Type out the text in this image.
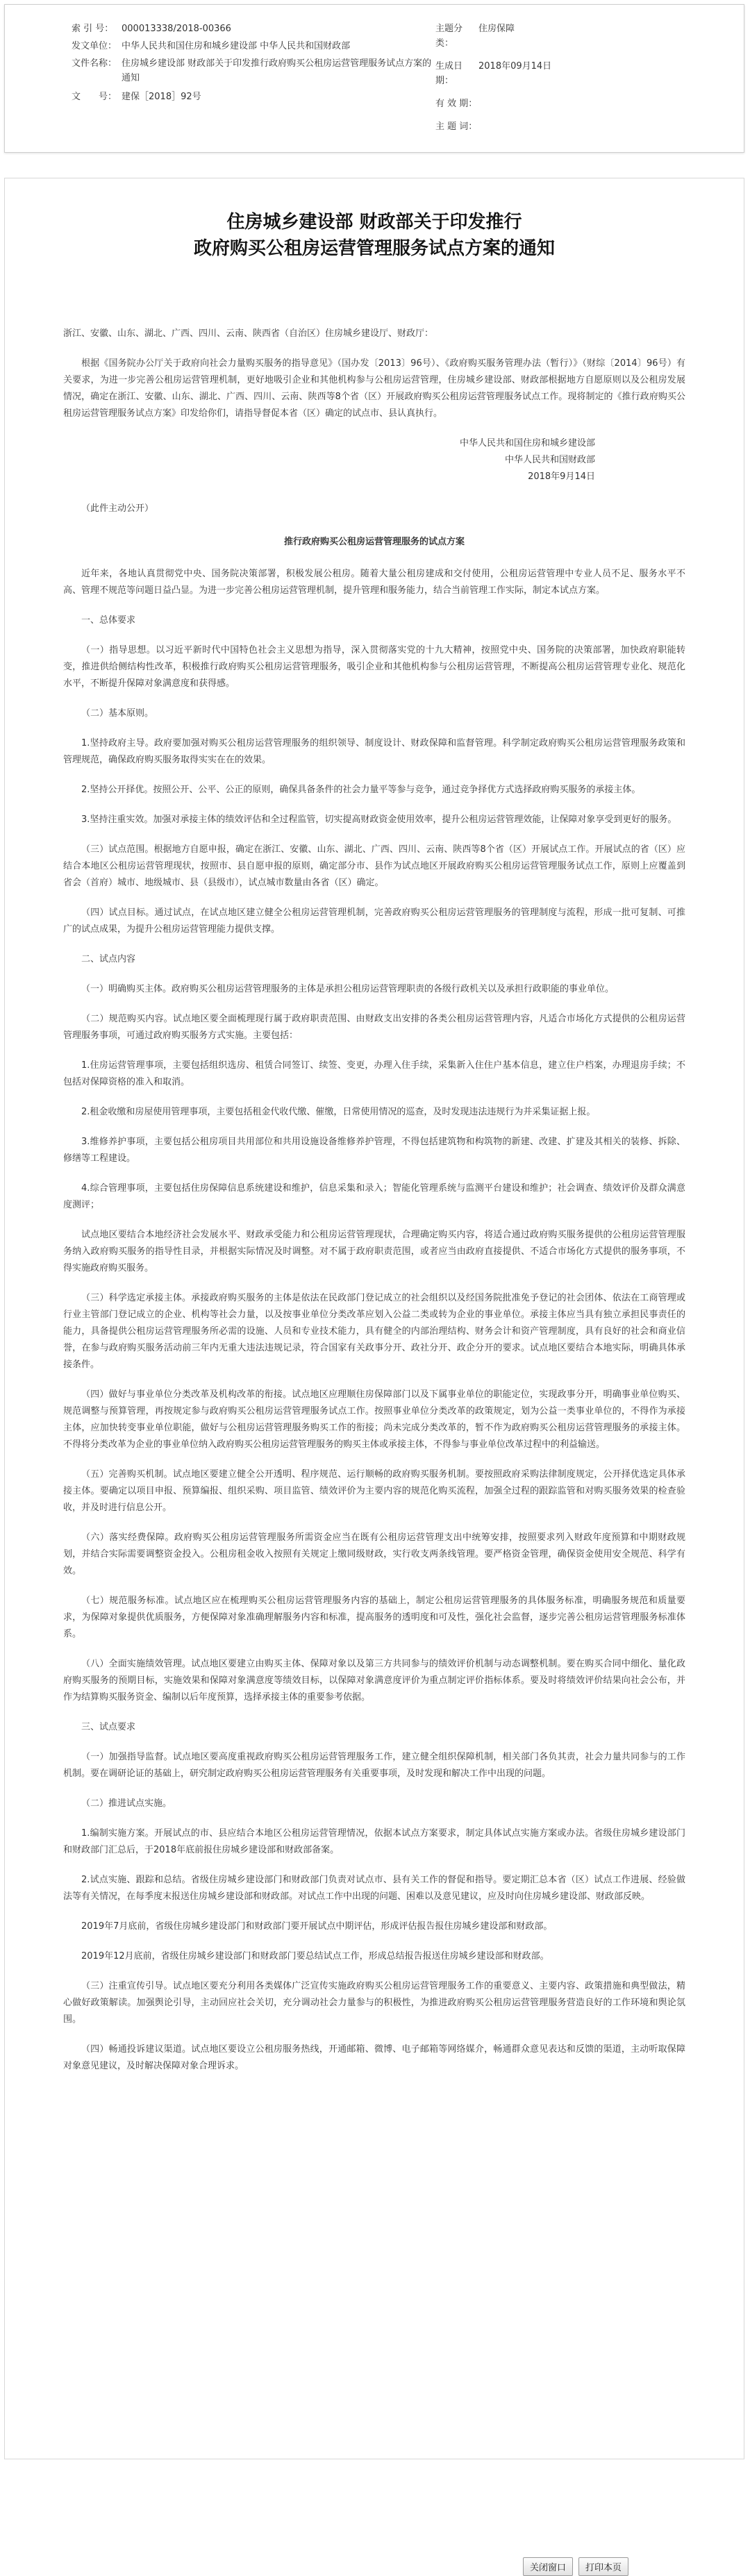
索 引 号： 000013338/2018-00366
发文单位： 中华人民共和国住房和城乡建设部 中华人民共和国财政部
文件名称： 住房城乡建设部 财政部关于印发推行政府购买公租房运营管理服务试点方案的通知
文　　号： 建保［2018］92号
主题分类：
住房保障
生成日期：
2018年09月14日
有 效 期：
主 题 词：
住房城乡建设部 财政部关于印发推行
政府购买公租房运营管理服务试点方案的通知

浙江、安徽、山东、湖北、广西、四川、云南、陕西省（自治区）住房城乡建设厅、财政厅：

根据《国务院办公厅关于政府向社会力量购买服务的指导意见》（国办发〔2013〕96号）、《政府购买服务管理办法（暂行）》（财综〔2014〕96号）有关要求，为进一步完善公租房运营管理机制，更好地吸引企业和其他机构参与公租房运营管理，住房城乡建设部、财政部根据地方自愿原则以及公租房发展情况，确定在浙江、安徽、山东、湖北、广西、四川、云南、陕西等8个省（区）开展政府购买公租房运营管理服务试点工作。现将制定的《推行政府购买公租房运营管理服务试点方案》印发给你们，请指导督促本省（区）确定的试点市、县认真执行。

中华人民共和国住房和城乡建设部
中华人民共和国财政部
2018年9月14日

（此件主动公开）

推行政府购买公租房运营管理服务的试点方案

近年来，各地认真贯彻党中央、国务院决策部署，积极发展公租房。随着大量公租房建成和交付使用，公租房运营管理中专业人员不足、服务水平不高、管理不规范等问题日益凸显。为进一步完善公租房运营管理机制，提升管理和服务能力，结合当前管理工作实际，制定本试点方案。

一、总体要求

（一）指导思想。以习近平新时代中国特色社会主义思想为指导，深入贯彻落实党的十九大精神，按照党中央、国务院的决策部署，加快政府职能转变，推进供给侧结构性改革，积极推行政府购买公租房运营管理服务，吸引企业和其他机构参与公租房运营管理，不断提高公租房运营管理专业化、规范化水平，不断提升保障对象满意度和获得感。

（二）基本原则。

1.坚持政府主导。政府要加强对购买公租房运营管理服务的组织领导、制度设计、财政保障和监督管理。科学制定政府购买公租房运营管理服务政策和管理规范，确保政府购买服务取得实实在在的效果。

2.坚持公开择优。按照公开、公平、公正的原则，确保具备条件的社会力量平等参与竞争，通过竞争择优方式选择政府购买服务的承接主体。

3.坚持注重实效。加强对承接主体的绩效评估和全过程监管，切实提高财政资金使用效率，提升公租房运营管理效能，让保障对象享受到更好的服务。

（三）试点范围。根据地方自愿申报，确定在浙江、安徽、山东、湖北、广西、四川、云南、陕西等8个省（区）开展试点工作。开展试点的省（区）应结合本地区公租房运营管理现状，按照市、县自愿申报的原则，确定部分市、县作为试点地区开展政府购买公租房运营管理服务试点工作，原则上应覆盖到省会（首府）城市、地级城市、县（县级市），试点城市数量由各省（区）确定。

（四）试点目标。通过试点，在试点地区建立健全公租房运营管理机制，完善政府购买公租房运营管理服务的管理制度与流程，形成一批可复制、可推广的试点成果，为提升公租房运营管理能力提供支撑。

二、试点内容

（一）明确购买主体。政府购买公租房运营管理服务的主体是承担公租房运营管理职责的各级行政机关以及承担行政职能的事业单位。

（二）规范购买内容。试点地区要全面梳理现行属于政府职责范围、由财政支出安排的各类公租房运营管理内容，凡适合市场化方式提供的公租房运营管理服务事项，可通过政府购买服务方式实施。主要包括：

1.住房运营管理事项，主要包括组织选房、租赁合同签订、续签、变更，办理入住手续，采集新入住住户基本信息，建立住户档案，办理退房手续；不包括对保障资格的准入和取消。

2.租金收缴和房屋使用管理事项，主要包括租金代收代缴、催缴，日常使用情况的巡查，及时发现违法违规行为并采集证据上报。

3.维修养护事项，主要包括公租房项目共用部位和共用设施设备维修养护管理，不得包括建筑物和构筑物的新建、改建、扩建及其相关的装修、拆除、修缮等工程建设。

4.综合管理事项，主要包括住房保障信息系统建设和维护，信息采集和录入；智能化管理系统与监测平台建设和维护；社会调查、绩效评价及群众满意度测评；

试点地区要结合本地经济社会发展水平、财政承受能力和公租房运营管理现状，合理确定购买内容，将适合通过政府购买服务提供的公租房运营管理服务纳入政府购买服务的指导性目录，并根据实际情况及时调整。对不属于政府职责范围，或者应当由政府直接提供、不适合市场化方式提供的服务事项，不得实施政府购买服务。

（三）科学选定承接主体。承接政府购买服务的主体是依法在民政部门登记成立的社会组织以及经国务院批准免予登记的社会团体、依法在工商管理或行业主管部门登记成立的企业、机构等社会力量，以及按事业单位分类改革应划入公益二类或转为企业的事业单位。承接主体应当具有独立承担民事责任的能力，具备提供公租房运营管理服务所必需的设施、人员和专业技术能力，具有健全的内部治理结构、财务会计和资产管理制度，具有良好的社会和商业信誉，在参与政府购买服务活动前三年内无重大违法违规记录，符合国家有关政事分开、政社分开、政企分开的要求。试点地区要结合本地实际，明确具体承接条件。

（四）做好与事业单位分类改革及机构改革的衔接。试点地区应理顺住房保障部门以及下属事业单位的职能定位，实现政事分开，明确事业单位购买、规范调整与预算管理，再按规定参与政府购买公租房运营管理服务试点工作。按照事业单位分类改革的政策规定，划为公益一类事业单位的，不得作为承接主体，应加快转变事业单位职能，做好与公租房运营管理服务购买工作的衔接；尚未完成分类改革的，暂不作为政府购买公租房运营管理服务的承接主体。不得将分类改革为企业的事业单位纳入政府购买公租房运营管理服务的购买主体或承接主体，不得参与事业单位改革过程中的利益输送。

（五）完善购买机制。试点地区要建立健全公开透明、程序规范、运行顺畅的政府购买服务机制。要按照政府采购法律制度规定，公开择优选定具体承接主体。要确定以项目申报、预算编报、组织采购、项目监管、绩效评价为主要内容的规范化购买流程，加强全过程的跟踪监管和对购买服务效果的检查验收，并及时进行信息公开。

（六）落实经费保障。政府购买公租房运营管理服务所需资金应当在既有公租房运营管理支出中统筹安排，按照要求列入财政年度预算和中期财政规划，并结合实际需要调整资金投入。公租房租金收入按照有关规定上缴同级财政，实行收支两条线管理。要严格资金管理，确保资金使用安全规范、科学有效。

（七）规范服务标准。试点地区应在梳理购买公租房运营管理服务内容的基础上，制定公租房运营管理服务的具体服务标准，明确服务规范和质量要求，为保障对象提供优质服务，方便保障对象准确理解服务内容和标准，提高服务的透明度和可及性，强化社会监督，逐步完善公租房运营管理服务标准体系。

（八）全面实施绩效管理。试点地区要建立由购买主体、保障对象以及第三方共同参与的绩效评价机制与动态调整机制。要在购买合同中细化、量化政府购买服务的预期目标，实施效果和保障对象满意度等绩效目标，以保障对象满意度评价为重点制定评价指标体系。要及时将绩效评价结果向社会公布，并作为结算购买服务资金、编制以后年度预算，选择承接主体的重要参考依据。

三、试点要求

（一）加强指导监督。试点地区要高度重视政府购买公租房运营管理服务工作，建立健全组织保障机制，相关部门各负其责，社会力量共同参与的工作机制。要在调研论证的基础上，研究制定政府购买公租房运营管理服务有关重要事项，及时发现和解决工作中出现的问题。

（二）推进试点实施。

1.编制实施方案。开展试点的市、县应结合本地区公租房运营管理情况，依据本试点方案要求，制定具体试点实施方案或办法。省级住房城乡建设部门和财政部门汇总后，于2018年底前报住房城乡建设部和财政部备案。

2.试点实施、跟踪和总结。省级住房城乡建设部门和财政部门负责对试点市、县有关工作的督促和指导。要定期汇总本省（区）试点工作进展、经验做法等有关情况，在每季度末报送住房城乡建设部和财政部。对试点工作中出现的问题、困难以及意见建议，应及时向住房城乡建设部、财政部反映。

2019年7月底前，省级住房城乡建设部门和财政部门要开展试点中期评估，形成评估报告报住房城乡建设部和财政部。

2019年12月底前，省级住房城乡建设部门和财政部门要总结试点工作，形成总结报告报送住房城乡建设部和财政部。

（三）注重宣传引导。试点地区要充分利用各类媒体广泛宣传实施政府购买公租房运营管理服务工作的重要意义、主要内容、政策措施和典型做法，精心做好政策解读。加强舆论引导，主动回应社会关切，充分调动社会力量参与的积极性，为推进政府购买公租房运营管理服务营造良好的工作环境和舆论氛围。

（四）畅通投诉建议渠道。试点地区要设立公租房服务热线，开通邮箱、微博、电子邮箱等网络媒介，畅通群众意见表达和反馈的渠道，主动听取保障对象意见建议，及时解决保障对象合理诉求。

关闭窗口	打印本页
